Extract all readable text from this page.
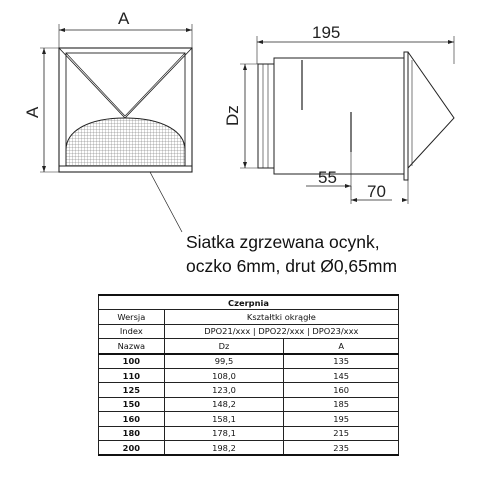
A
A
195
Dz
55
70
Siatka zgrzewana ocynk,
oczko 6mm, drut Ø0,65mm
Czerpnia		
Wersja	Kształtki okrągłe	
Index	DPO21/xxx | DPO22/xxx | DPO23/xxx	
Nazwa	Dz	A
100	99,5	135
110	108,0	145
125	123,0	160
150	148,2	185
160	158,1	195
180	178,1	215
200	198,2	235
